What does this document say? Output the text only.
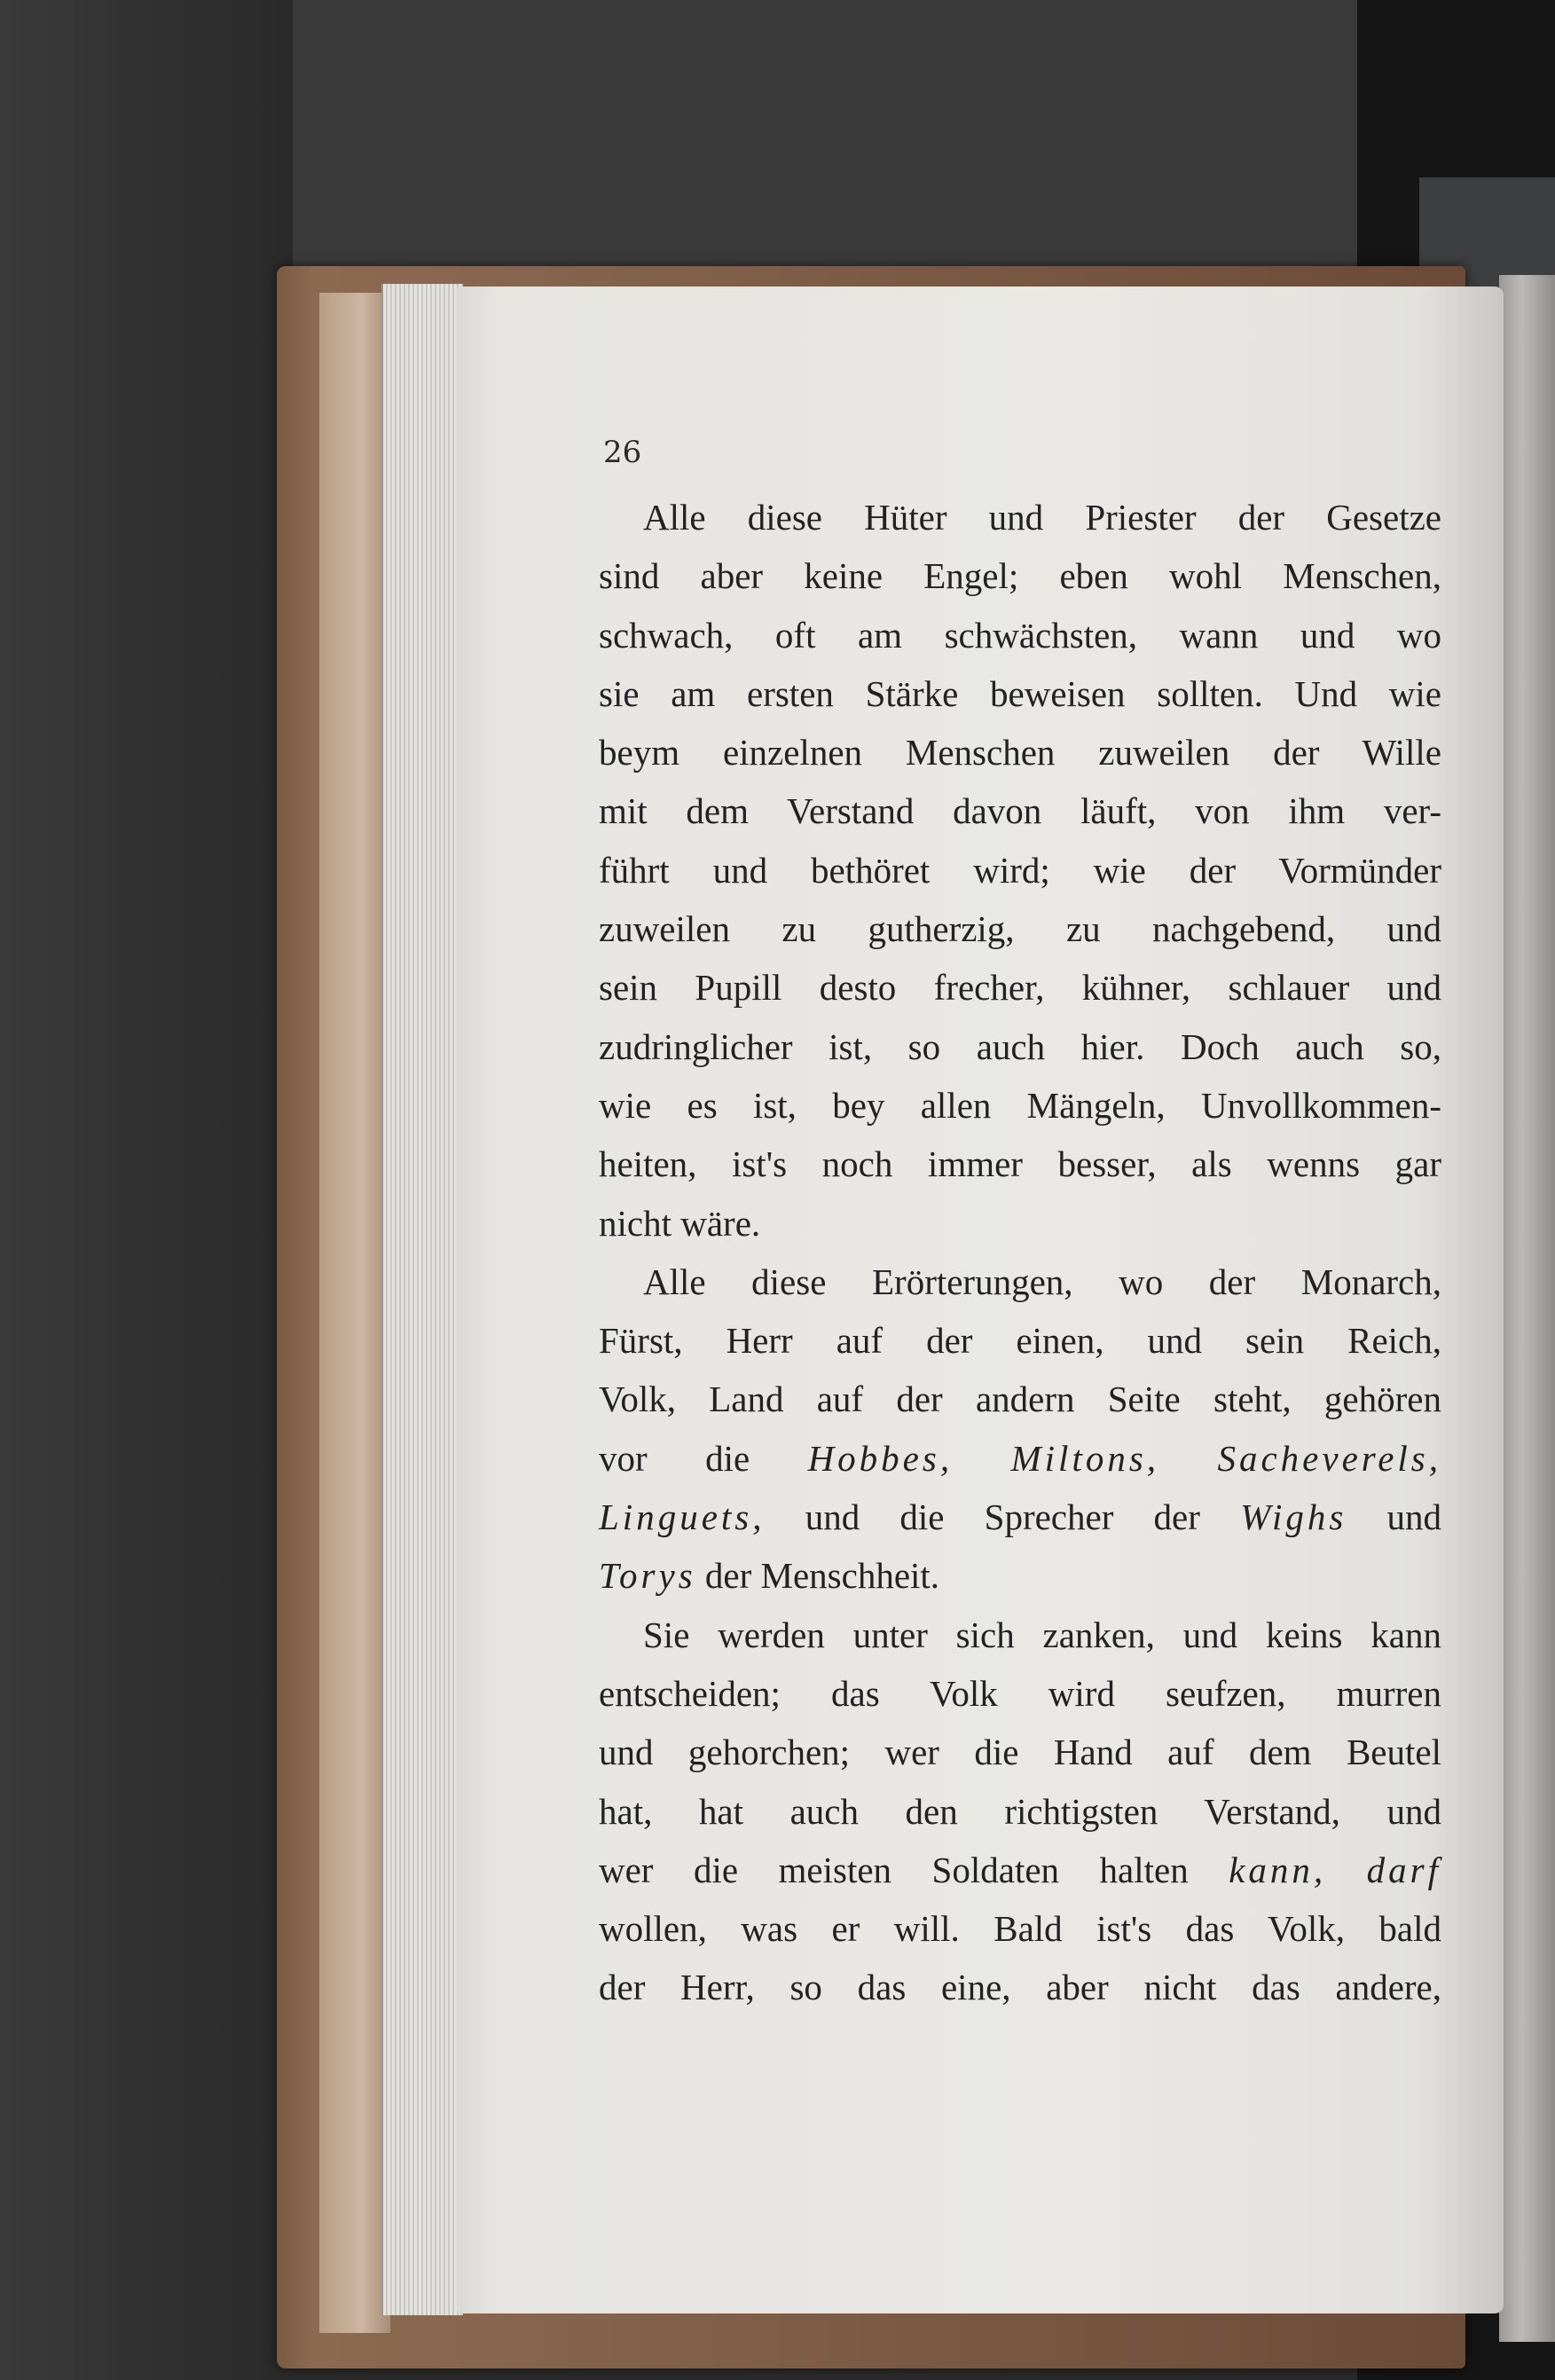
26
Alle diese Hüter und Priester der Gesetze
sind aber keine Engel; eben wohl Menschen,
schwach, oft am schwächsten, wann und wo
sie am ersten Stärke beweisen sollten. Und wie
beym einzelnen Menschen zuweilen der Wille
mit dem Verstand davon läuft, von ihm ver-
führt und bethöret wird; wie der Vormünder
zuweilen zu gutherzig, zu nachgebend, und
sein Pupill desto frecher, kühner, schlauer und
zudringlicher ist, so auch hier. Doch auch so,
wie es ist, bey allen Mängeln, Unvollkommen-
heiten, ist's noch immer besser, als wenns gar
nicht wäre.
Alle diese Erörterungen, wo der Monarch,
Fürst, Herr auf der einen, und sein Reich,
Volk, Land auf der andern Seite steht, gehören
vor die Hobbes, Miltons, Sacheverels,
Linguets, und die Sprecher der Wighs und
Torys der Menschheit.
Sie werden unter sich zanken, und keins kann
entscheiden; das Volk wird seufzen, murren
und gehorchen; wer die Hand auf dem Beutel
hat, hat auch den richtigsten Verstand, und
wer die meisten Soldaten halten kann, darf
wollen, was er will. Bald ist's das Volk, bald
der Herr, so das eine, aber nicht das andere,
